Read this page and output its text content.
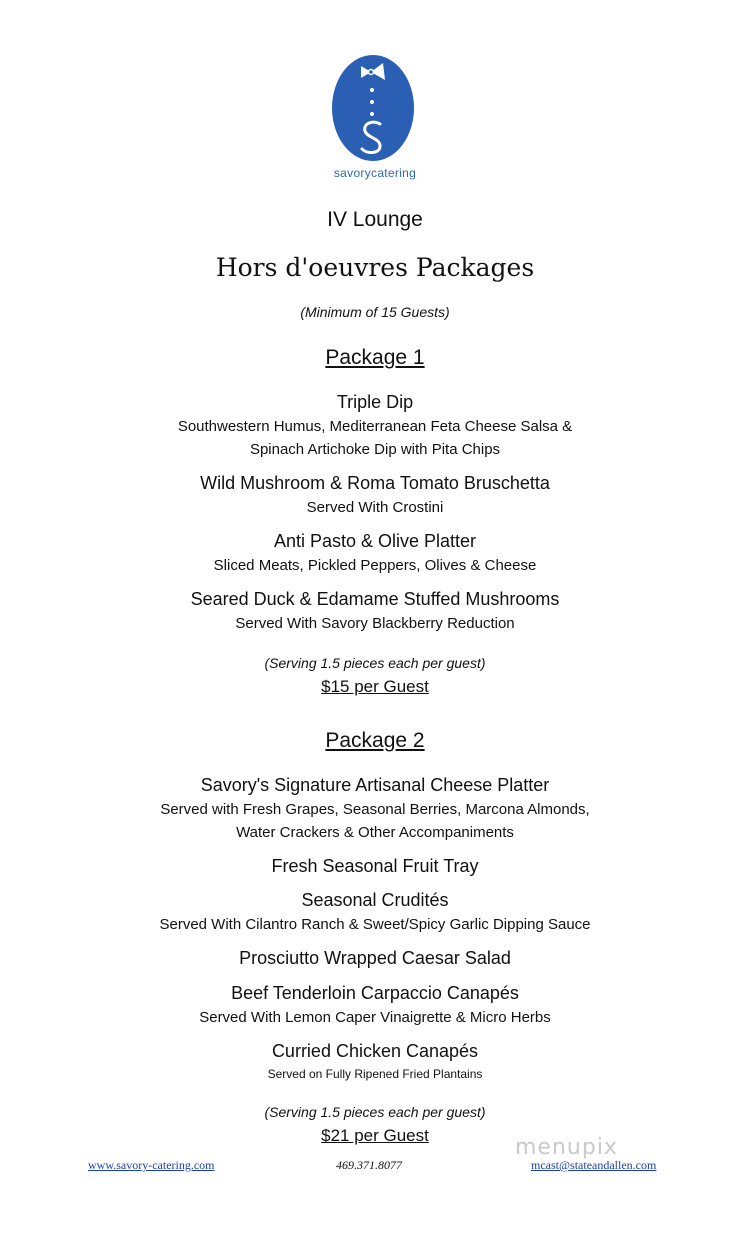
savorycatering
IV Lounge
Hors d'oeuvres Packages
(Minimum of 15 Guests)
Package 1
Triple Dip
Southwestern Humus, Mediterranean Feta Cheese Salsa &
Spinach Artichoke Dip with Pita Chips
Wild Mushroom & Roma Tomato Bruschetta
Served With Crostini
Anti Pasto & Olive Platter
Sliced Meats, Pickled Peppers, Olives & Cheese
Seared Duck & Edamame Stuffed Mushrooms
Served With Savory Blackberry Reduction
(Serving 1.5 pieces each per guest)
$15 per Guest
Package 2
Savory's Signature Artisanal Cheese Platter
Served with Fresh Grapes, Seasonal Berries, Marcona Almonds,
Water Crackers & Other Accompaniments
Fresh Seasonal Fruit Tray
Seasonal Crudités
Served With Cilantro Ranch & Sweet/Spicy Garlic Dipping Sauce
Prosciutto Wrapped Caesar Salad
Beef Tenderloin Carpaccio Canapés
Served With Lemon Caper Vinaigrette & Micro Herbs
Curried Chicken Canapés
Served on Fully Ripened Fried Plantains
(Serving 1.5 pieces each per guest)
$21 per Guest	menupix
www.savory-catering.com	469.371.8077	mcast@stateandallen.com
